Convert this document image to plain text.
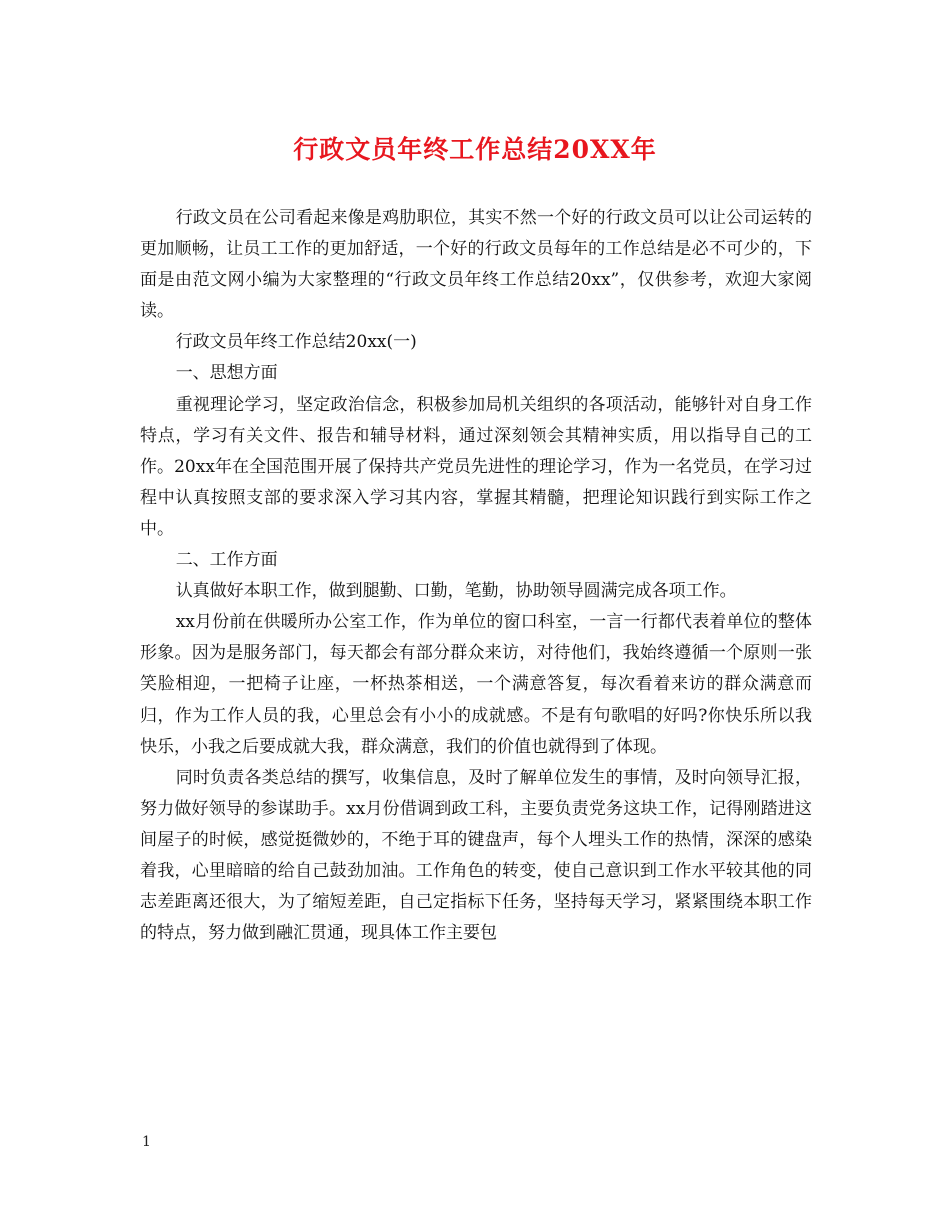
行政文员年终工作总结20XX年

行政文员在公司看起来像是鸡肋职位，其实不然一个好的行政文员可以让公司运转的更加顺畅，让员工工作的更加舒适，一个好的行政文员每年的工作总结是必不可少的，下面是由范文网小编为大家整理的“行政文员年终工作总结20xx”，仅供参考，欢迎大家阅读。

行政文员年终工作总结20xx(一)

一、思想方面

重视理论学习，坚定政治信念，积极参加局机关组织的各项活动，能够针对自身工作特点，学习有关文件、报告和辅导材料，通过深刻领会其精神实质，用以指导自己的工作。20xx年在全国范围开展了保持共产党员先进性的理论学习，作为一名党员，在学习过程中认真按照支部的要求深入学习其内容，掌握其精髓，把理论知识践行到实际工作之中。

二、工作方面

认真做好本职工作，做到腿勤、口勤，笔勤，协助领导圆满完成各项工作。

xx月份前在供暖所办公室工作，作为单位的窗口科室，一言一行都代表着单位的整体形象。因为是服务部门，每天都会有部分群众来访，对待他们，我始终遵循一个原则一张笑脸相迎，一把椅子让座，一杯热茶相送，一个满意答复，每次看着来访的群众满意而归，作为工作人员的我，心里总会有小小的成就感。不是有句歌唱的好吗?你快乐所以我快乐，小我之后要成就大我，群众满意，我们的价值也就得到了体现。

同时负责各类总结的撰写，收集信息，及时了解单位发生的事情，及时向领导汇报，努力做好领导的参谋助手。xx月份借调到政工科，主要负责党务这块工作，记得刚踏进这间屋子的时候，感觉挺微妙的，不绝于耳的键盘声，每个人埋头工作的热情，深深的感染着我，心里暗暗的给自己鼓劲加油。工作角色的转变，使自己意识到工作水平较其他的同志差距离还很大，为了缩短差距，自己定指标下任务，坚持每天学习，紧紧围绕本职工作的特点，努力做到融汇贯通，现具体工作主要包

1
